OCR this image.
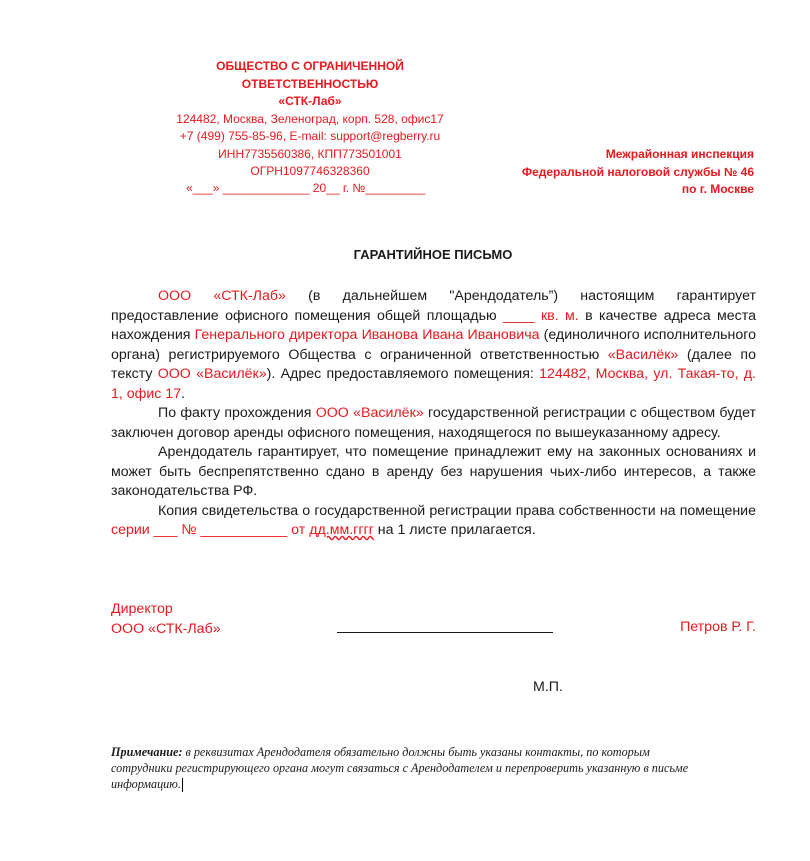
ОБЩЕСТВО С ОГРАНИЧЕННОЙ ОТВЕТСТВЕННОСТЬЮ
«СТК-Лаб»
124482, Москва, Зеленоград, корп. 528, офис17
+7 (499) 755-85-96, E-mail: support@regberry.ru
ИНН7735560386, КПП773501001
ОГРН1097746328360
«___» _____________ 20__ г. №_________
Межрайонная инспекция
Федеральной налоговой службы № 46
по г. Москве
ГАРАНТИЙНОЕ ПИСЬМО

ООО «СТК-Лаб» (в дальнейшем "Арендодатель”) настоящим гарантирует предоставление офисного помещения общей площадью ____ кв. м. в качестве адреса места нахождения Генерального директора Иванова Ивана Ивановича (единоличного исполнительного органа) регистрируемого Общества с ограниченной ответственностью «Василёк» (далее по тексту ООО «Василёк»). Адрес предоставляемого помещения: 124482, Москва, ул. Такая-то, д. 1, офис 17.

По факту прохождения ООО «Василёк» государственной регистрации с обществом будет заключен договор аренды офисного помещения, находящегося по вышеуказанному адресу.

Арендодатель гарантирует, что помещение принадлежит ему на законных основаниях и может быть беспрепятственно сдано в аренду без нарушения чьих-либо интересов, а также законодательства РФ.

Копия свидетельства о государственной регистрации права собственности на помещение серии ___ № ___________ от дд.мм.гггг на 1 листе прилагается.

Директор
ООО «СТК-Лаб»	Петров Р. Г.
М.П.
Примечание: в реквизитах Арендодателя обязательно должны быть указаны контакты, по которым сотрудники регистрирующего органа могут связаться с Арендодателем и перепроверить указанную в письме информацию.
